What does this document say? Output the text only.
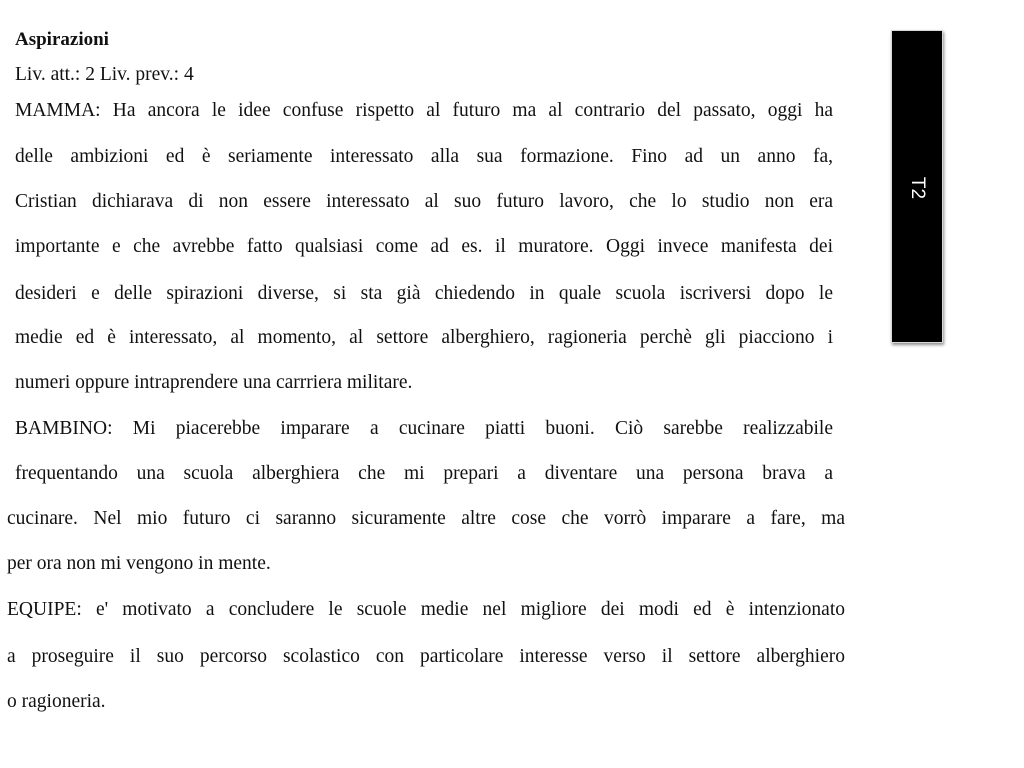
Aspirazioni
Liv. att.: 2 Liv. prev.: 4
MAMMA: Ha ancora le idee confuse rispetto al futuro ma al contrario del passato, oggi ha
delle ambizioni ed è seriamente interessato alla sua formazione. Fino ad un anno fa,
Cristian dichiarava di non essere interessato al suo futuro lavoro, che lo studio non era
importante e che avrebbe fatto qualsiasi come ad es. il muratore. Oggi invece manifesta dei
desideri e delle spirazioni diverse, si sta già chiedendo in quale scuola iscriversi dopo le
medie ed è interessato, al momento, al settore alberghiero, ragioneria perchè gli piacciono i
numeri oppure intraprendere una carrriera militare.
BAMBINO: Mi piacerebbe imparare a cucinare piatti buoni. Ciò sarebbe realizzabile
frequentando una scuola alberghiera che mi prepari a diventare una persona brava a
cucinare. Nel mio futuro ci saranno sicuramente altre cose che vorrò imparare a fare, ma
per ora non mi vengono in mente.
EQUIPE: e' motivato a concludere le scuole medie nel migliore dei modi ed è intenzionato
a proseguire il suo percorso scolastico con particolare interesse verso il settore alberghiero
o ragioneria.
T2
